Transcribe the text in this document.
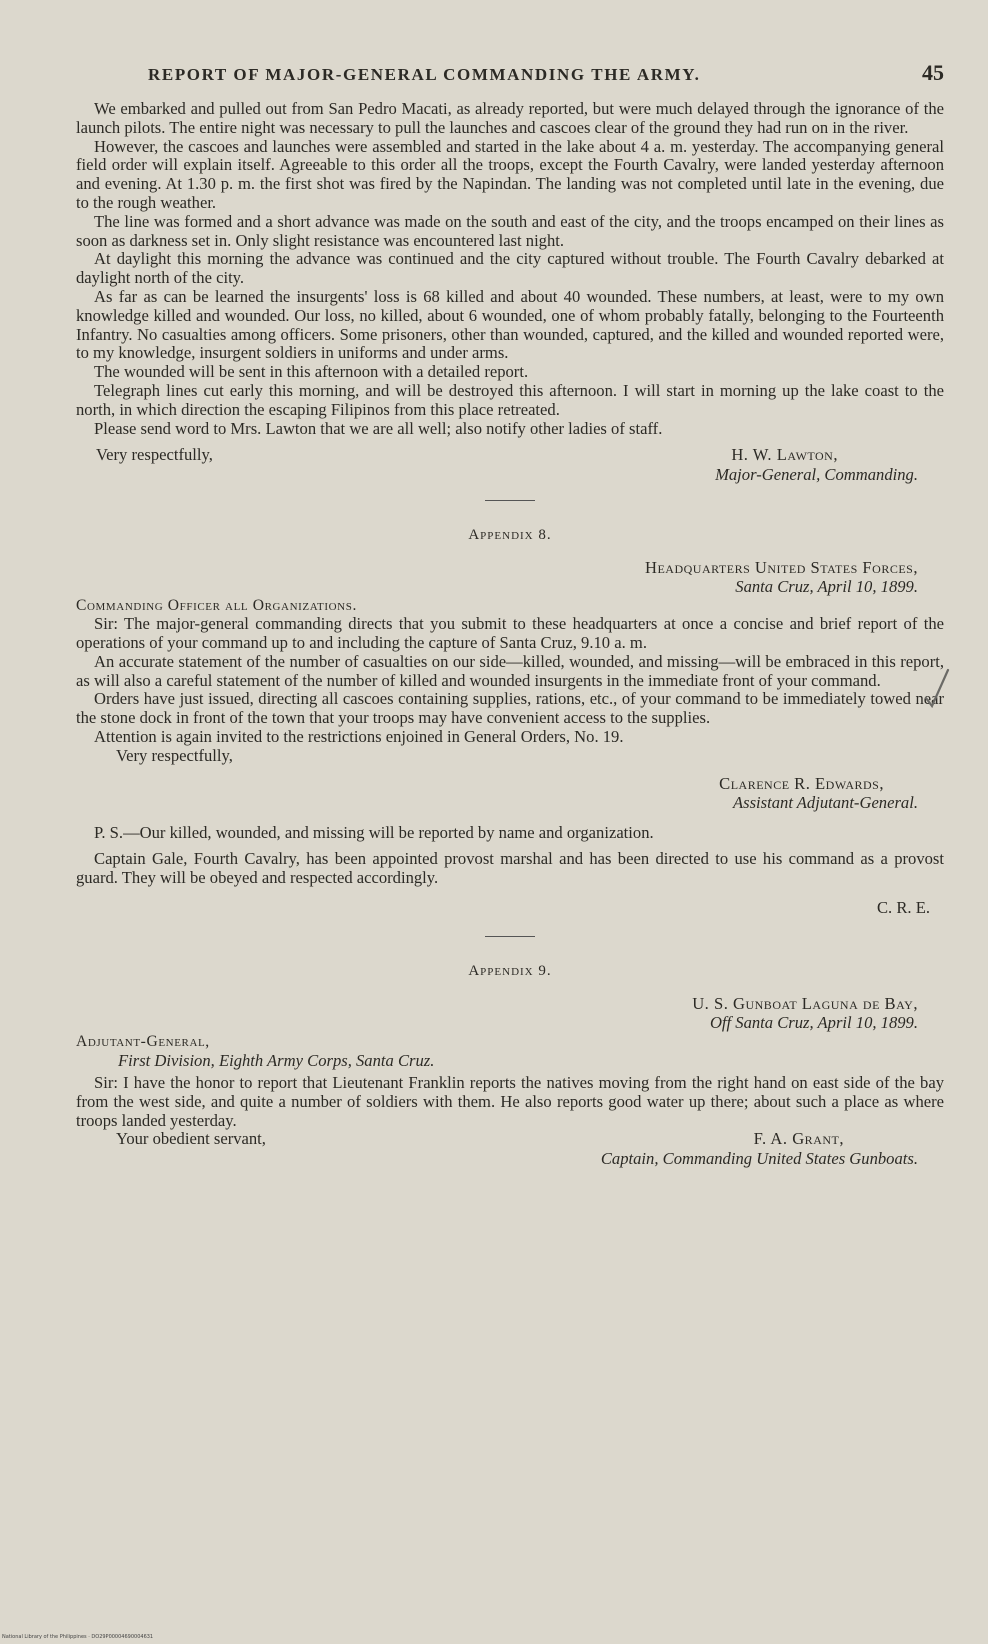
REPORT OF MAJOR-GENERAL COMMANDING THE ARMY.	45

We embarked and pulled out from San Pedro Macati, as already reported, but were much delayed through the ignorance of the launch pilots. The entire night was necessary to pull the launches and cascoes clear of the ground they had run on in the river.

However, the cascoes and launches were assembled and started in the lake about 4 a. m. yesterday. The accompanying general field order will explain itself. Agreeable to this order all the troops, except the Fourth Cavalry, were landed yesterday afternoon and evening. At 1.30 p. m. the first shot was fired by the Napindan. The landing was not completed until late in the evening, due to the rough weather.

The line was formed and a short advance was made on the south and east of the city, and the troops encamped on their lines as soon as darkness set in. Only slight resistance was encountered last night.

At daylight this morning the advance was continued and the city captured without trouble. The Fourth Cavalry debarked at daylight north of the city.

As far as can be learned the insurgents' loss is 68 killed and about 40 wounded. These numbers, at least, were to my own knowledge killed and wounded. Our loss, no killed, about 6 wounded, one of whom probably fatally, belonging to the Fourteenth Infantry. No casualties among officers. Some prisoners, other than wounded, captured, and the killed and wounded reported were, to my knowledge, insurgent soldiers in uniforms and under arms.

The wounded will be sent in this afternoon with a detailed report.

Telegraph lines cut early this morning, and will be destroyed this afternoon. I will start in morning up the lake coast to the north, in which direction the escaping Filipinos from this place retreated.

Please send word to Mrs. Lawton that we are all well; also notify other ladies of staff.

Very respectfully,	H. W. Lawton,
Major-General, Commanding.
Appendix 8.
Headquarters United States Forces,
Santa Cruz, April 10, 1899.
Commanding Officer all Organizations.

Sir: The major-general commanding directs that you submit to these headquarters at once a concise and brief report of the operations of your command up to and including the capture of Santa Cruz, 9.10 a. m.

An accurate statement of the number of casualties on our side—killed, wounded, and missing—will be embraced in this report, as will also a careful statement of the number of killed and wounded insurgents in the immediate front of your command.

Orders have just issued, directing all cascoes containing supplies, rations, etc., of your command to be immediately towed near the stone dock in front of the town that your troops may have convenient access to the supplies.

Attention is again invited to the restrictions enjoined in General Orders, No. 19.

Very respectfully,
Clarence R. Edwards,
Assistant Adjutant-General.

P. S.—Our killed, wounded, and missing will be reported by name and organization.

Captain Gale, Fourth Cavalry, has been appointed provost marshal and has been directed to use his command as a provost guard. They will be obeyed and respected accordingly.

C. R. E.
Appendix 9.
U. S. Gunboat Laguna de Bay,
Off Santa Cruz, April 10, 1899.
Adjutant-General,
First Division, Eighth Army Corps, Santa Cruz.

Sir: I have the honor to report that Lieutenant Franklin reports the natives moving from the right hand on east side of the bay from the west side, and quite a number of soldiers with them. He also reports good water up there; about such a place as where troops landed yesterday.

Your obedient servant,	F. A. Grant,
Captain, Commanding United States Gunboats.
National Library of the Philippines · DO29P00004690004631
